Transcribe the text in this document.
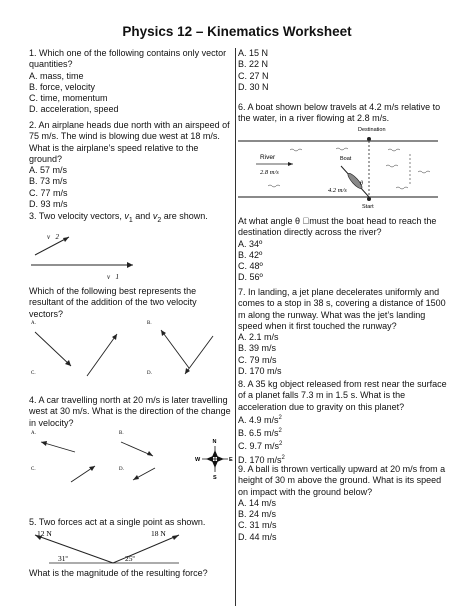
Physics 12 – Kinematics Worksheet

1. Which one of the following contains only vector quantities?

A. mass, time
B. force, velocity
C. time, momentum
D. acceleration, speed

2. An airplane heads due north with an airspeed of 75 m/s. The wind is blowing due west at 18 m/s. What is the airplane’s speed relative to the ground?

A. 57 m/s
B. 73 m/s
C. 77 m/s
D. 93 m/s

3. Two velocity vectors, $v_1$ and $v_2$ are shown.

v⃗2
v⃗1

Which of the following best represents the resultant of the addition of the two velocity vectors?

A.	B.
C.	D.

4. A car travelling north at 20 m/s is later travelling west at 30 m/s. What is the direction of the change in velocity?

A.	B.
C.	D.
N
E
S
W

5. Two forces act at a single point as shown.

12 N	18 N
31º	25º

What is the magnitude of the resulting force?

A. 15 N
B. 22 N
C. 27 N
D. 30 N

6. A boat shown below travels at 4.2 m/s relative to the water, in a river flowing at 2.8 m/s.

Destination
River
2.8 m/s
Boat
θ
4.2 m/s
Start

At what angle θ must the boat head to reach the destination directly across the river?

A. 34º
B. 42º
C. 48º
D. 56º

7. In landing, a jet plane decelerates uniformly and comes to a stop in 38 s, covering a distance of 1500 m along the runway. What was the jet’s landing speed when it first touched the runway?

A. 2.1 m/s
B. 39 m/s
C. 79 m/s
D. 170 m/s

8. A 35 kg object released from rest near the surface of a planet falls 7.3 m in 1.5 s. What is the acceleration due to gravity on this planet?

A. 4.9 $m/s^2$
B. 6.5 $m/s^2$
C. 9.7 $m/s^2$
D. 170 $m/s^2$

9. A ball is thrown vertically upward at 20 m/s from a height of 30 m above the ground. What is its speed on impact with the ground below?

A. 14 m/s
B. 24 m/s
C. 31 m/s
D. 44 m/s
